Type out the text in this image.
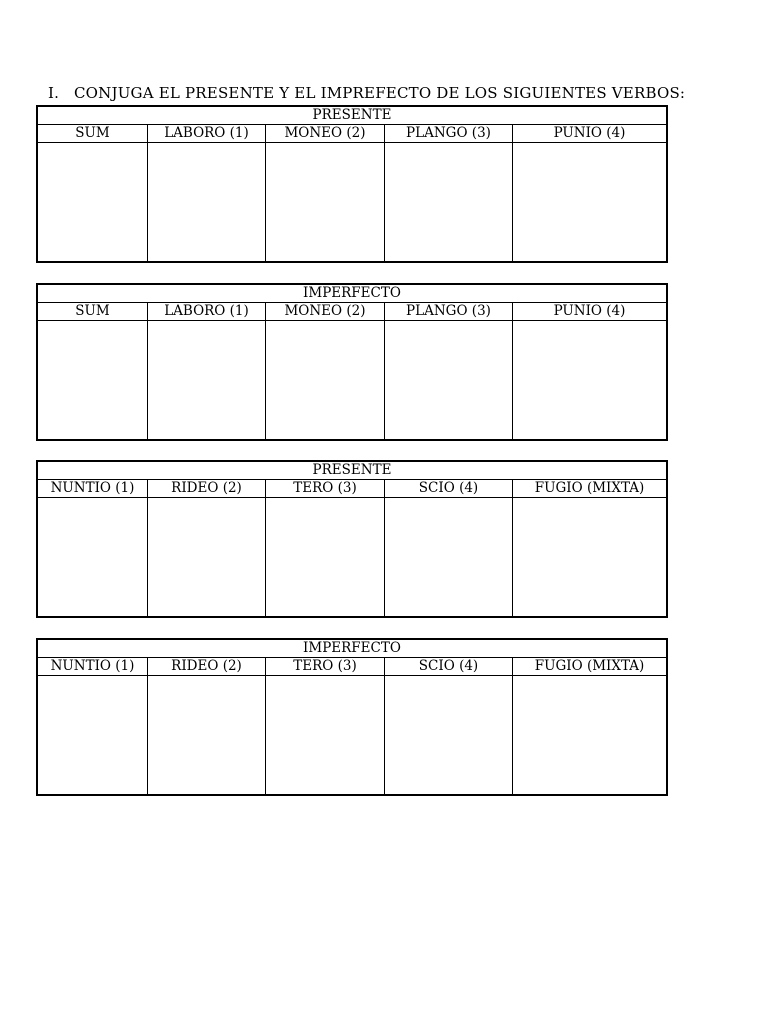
I. CONJUGA EL PRESENTE Y EL IMPREFECTO DE LOS SIGUIENTES VERBOS:
PRESENTE
SUM	LABORO (1)	MONEO (2)	PLANGO (3)	PUNIO (4)
IMPERFECTO
SUM	LABORO (1)	MONEO (2)	PLANGO (3)	PUNIO (4)
PRESENTE
NUNTIO (1)	RIDEO (2)	TERO (3)	SCIO (4)	FUGIO (MIXTA)
IMPERFECTO
NUNTIO (1)	RIDEO (2)	TERO (3)	SCIO (4)	FUGIO (MIXTA)
